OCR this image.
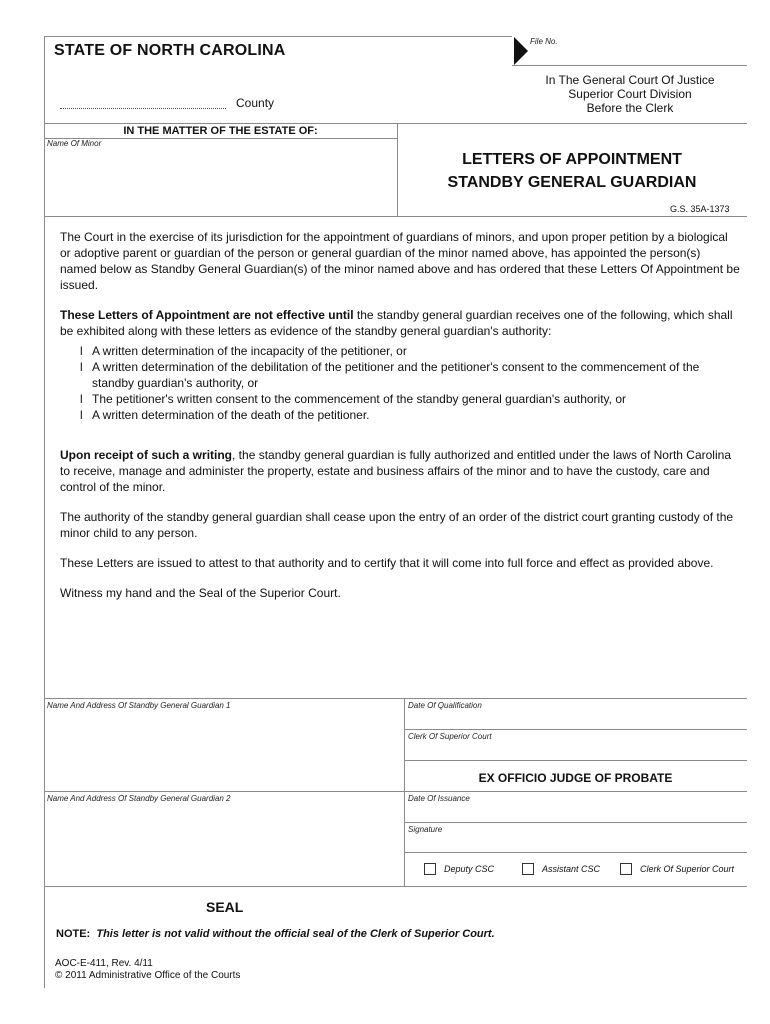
STATE OF NORTH CAROLINA
File No.
County
In The General Court Of Justice
Superior Court Division
Before the Clerk
IN THE MATTER OF THE ESTATE OF:
Name Of Minor
LETTERS OF APPOINTMENT
STANDBY GENERAL GUARDIAN
G.S. 35A-1373

The Court in the exercise of its jurisdiction for the appointment of guardians of minors, and upon proper petition by a biological or adoptive parent or guardian of the person or general guardian of the minor named above, has appointed the person(s) named below as Standby General Guardian(s) of the minor named above and has ordered that these Letters Of Appointment be issued.

These Letters of Appointment are not effective until the standby general guardian receives one of the following, which shall be exhibited along with these letters as evidence of the standby general guardian's authority:

l A written determination of the incapacity of the petitioner, or
l A written determination of the debilitation of the petitioner and the petitioner's consent to the commencement of the standby guardian's authority, or
l The petitioner's written consent to the commencement of the standby general guardian's authority, or
l A written determination of the death of the petitioner.

Upon receipt of such a writing, the standby general guardian is fully authorized and entitled under the laws of North Carolina to receive, manage and administer the property, estate and business affairs of the minor and to have the custody, care and control of the minor.

The authority of the standby general guardian shall cease upon the entry of an order of the district court granting custody of the minor child to any person.

These Letters are issued to attest to that authority and to certify that it will come into full force and effect as provided above.

Witness my hand and the Seal of the Superior Court.

Name And Address Of Standby General Guardian 1	Date Of Qualification
Clerk Of Superior Court
EX OFFICIO JUDGE OF PROBATE
Name And Address Of Standby General Guardian 2	Date Of Issuance
Signature
Deputy CSC	Assistant CSC	Clerk Of Superior Court
SEAL
NOTE: This letter is not valid without the official seal of the Clerk of Superior Court.
AOC-E-411, Rev. 4/11
© 2011 Administrative Office of the Courts
